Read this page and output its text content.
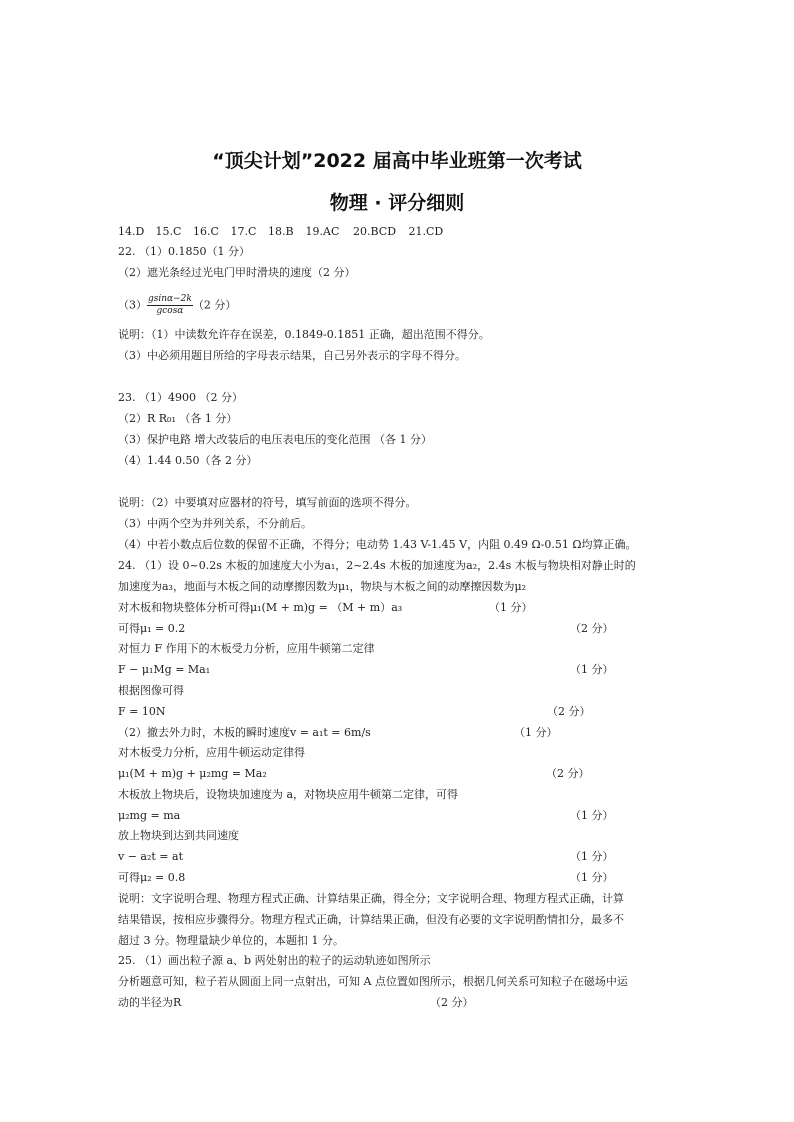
“顶尖计划”2022 届高中毕业班第一次考试
物理 · 评分细则
14.D 15.C 16.C 17.C 18.B 19.AC 20.BCD 21.CD
22. （1）0.1850（1 分）
（2）遮光条经过光电门甲时滑块的速度（2 分）
$(3) \frac{gsin\alpha-2k}{gcos\alpha} (2$ 分）
说明：（1）中读数允许存在误差，0.1849-0.1851 正确，超出范围不得分。
（3）中必须用题目所给的字母表示结果，自己另外表示的字母不得分。
23. （1）4900 （2 分）
（2）R R₀₁ （各 1 分）
（3）保护电路 增大改装后的电压表电压的变化范围 （各 1 分）
（4）1.44 0.50（各 2 分）
说明：（2）中要填对应器材的符号，填写前面的选项不得分。
（3）中两个空为并列关系，不分前后。
（4）中若小数点后位数的保留不正确，不得分；电动势 1.43 V-1.45 V，内阻 0.49 Ω-0.51 Ω均算正确。
24. （1）设 0~0.2s 木板的加速度大小为a₁，2~2.4s 木板的加速度为a₂，2.4s 木板与物块相对静止时的
加速度为a₃，地面与木板之间的动摩擦因数为μ₁，物块与木板之间的动摩擦因数为μ₂
对木板和物块整体分析可得μ₁(M + m)g = （M + m）a₃	（1 分）
可得μ₁ = 0.2	（2 分）
对恒力 F 作用下的木板受力分析，应用牛顿第二定律
F − μ₁Mg = Ma₁	（1 分）
根据图像可得
F = 10N	（2 分）
（2）撤去外力时，木板的瞬时速度v = a₁t = 6m/s	（1 分）
对木板受力分析，应用牛顿运动定律得
μ₁(M + m)g + μ₂mg = Ma₂	（2 分）
木板放上物块后，设物块加速度为 a，对物块应用牛顿第二定律，可得
μ₂mg = ma	（1 分）
放上物块到达到共同速度
v − a₂t = at	（1 分）
可得μ₂ = 0.8	（1 分）
说明：文字说明合理、物理方程式正确、计算结果正确，得全分；文字说明合理、物理方程式正确，计算
结果错误，按相应步骤得分。物理方程式正确，计算结果正确，但没有必要的文字说明酌情扣分，最多不
超过 3 分。物理量缺少单位的，本题扣 1 分。
25. （1）画出粒子源 a、b 两处射出的粒子的运动轨迹如图所示
分析题意可知，粒子若从圆面上同一点射出，可知 A 点位置如图所示，根据几何关系可知粒子在磁场中运
动的半径为R	（2 分）
